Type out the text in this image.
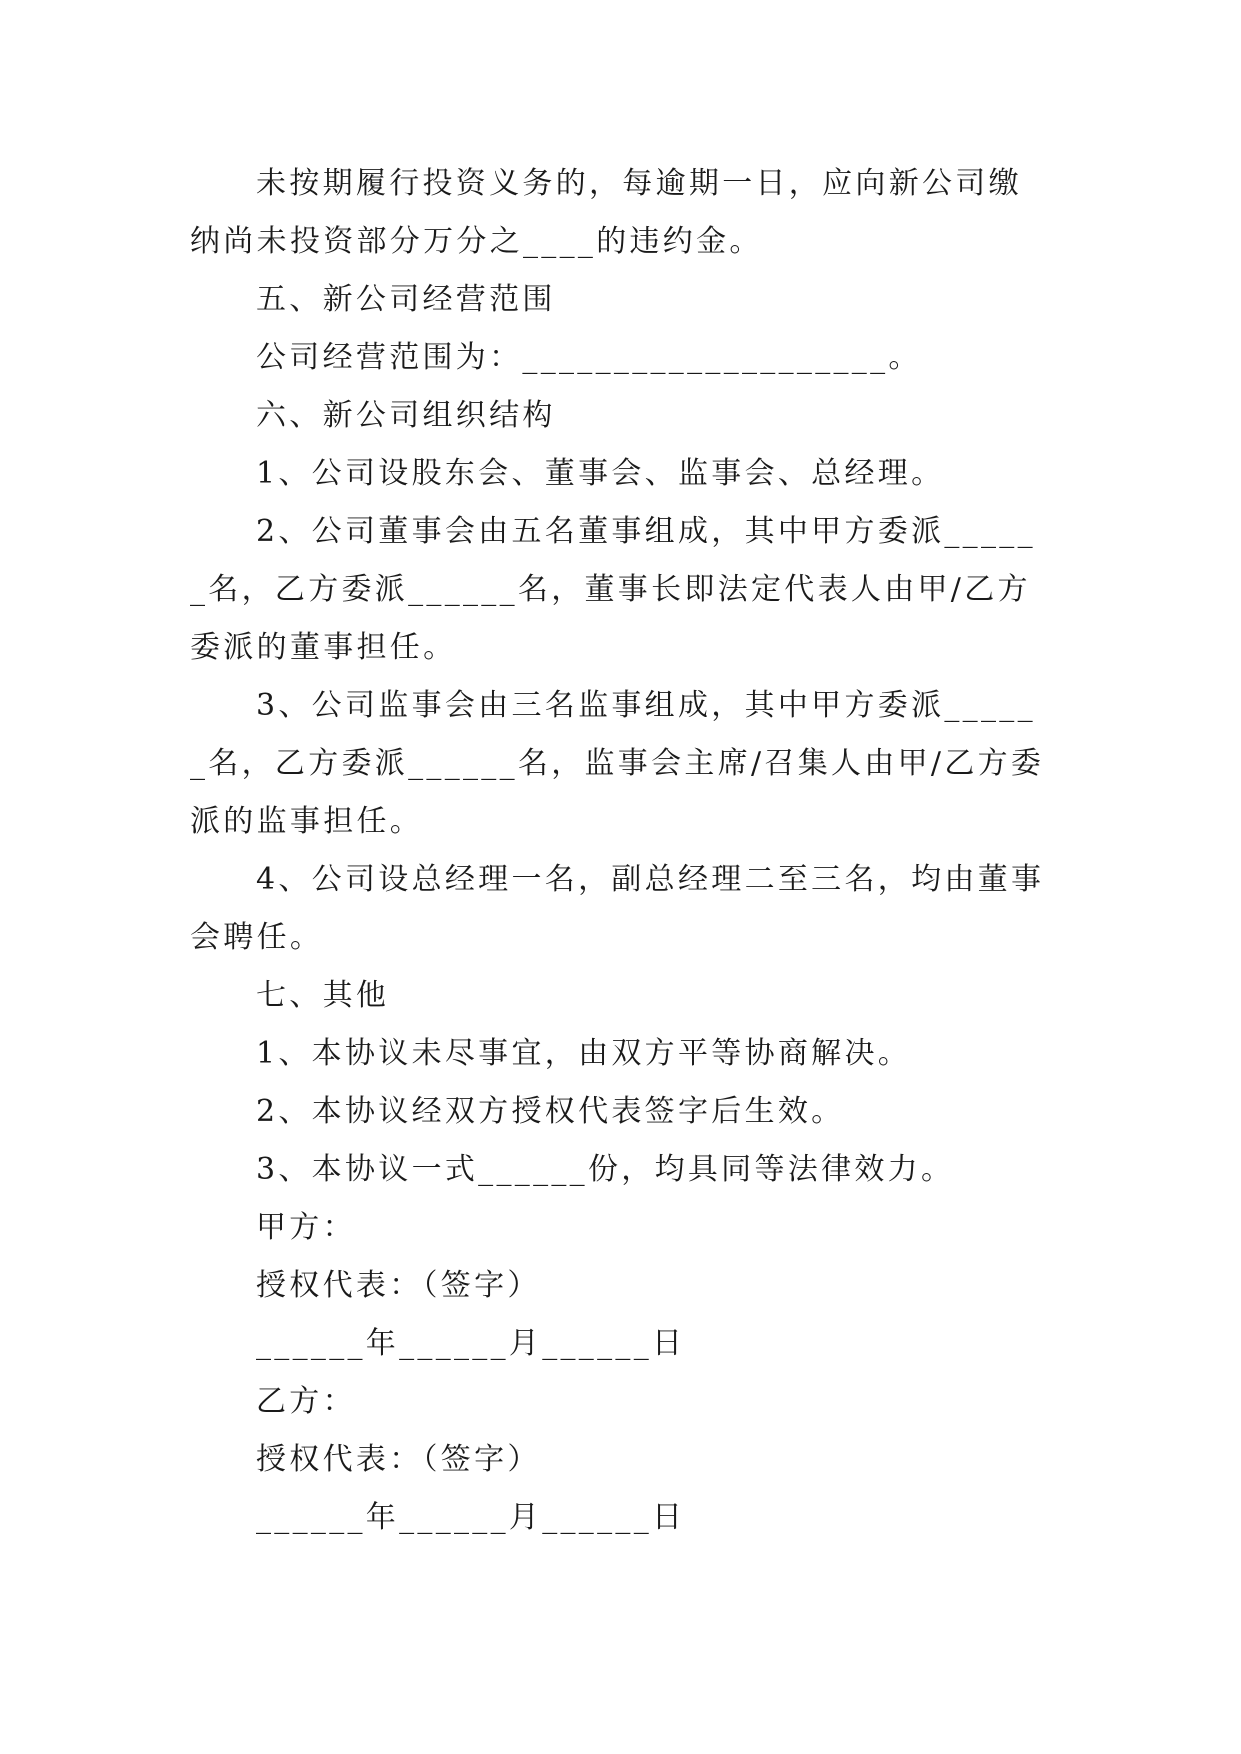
未按期履行投资义务的，每逾期一日，应向新公司缴纳尚未投资部分万分之____的违约金。

五、新公司经营范围

公司经营范围为：____________________。

六、新公司组织结构

1、公司设股东会、董事会、监事会、总经理。

2、公司董事会由五名董事组成，其中甲方委派______名，乙方委派______名，董事长即法定代表人由甲/乙方委派的董事担任。

3、公司监事会由三名监事组成，其中甲方委派______名，乙方委派______名，监事会主席/召集人由甲/乙方委派的监事担任。

4、公司设总经理一名，副总经理二至三名，均由董事会聘任。

七、其他

1、本协议未尽事宜，由双方平等协商解决。

2、本协议经双方授权代表签字后生效。

3、本协议一式______份，均具同等法律效力。

甲方：

授权代表：（签字）

______年______月______日

乙方：

授权代表：（签字）

______年______月______日
